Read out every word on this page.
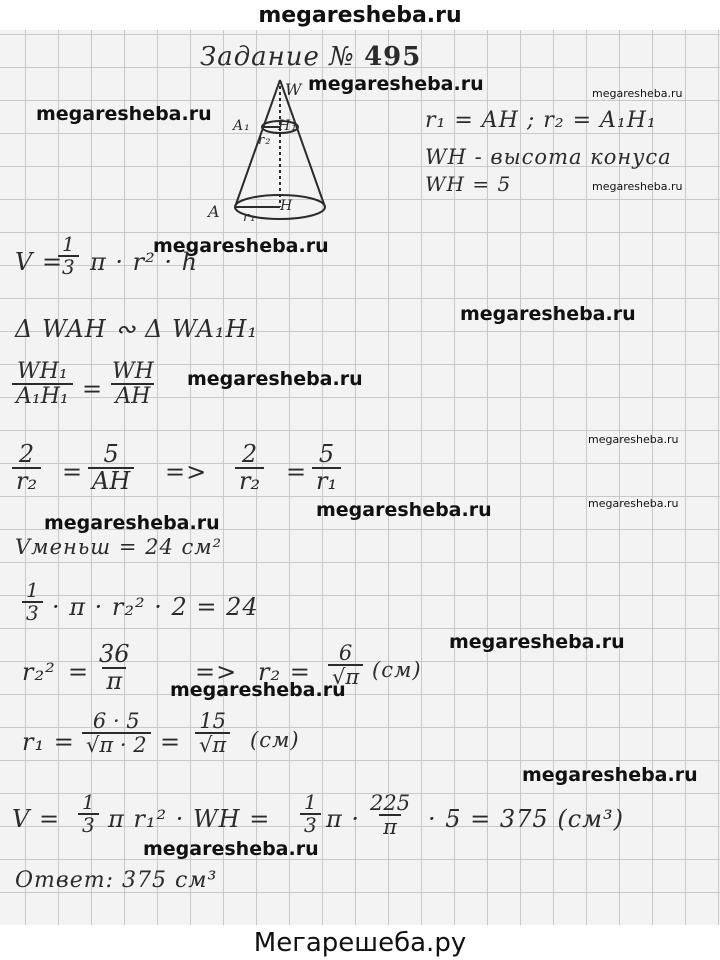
megaresheba.ru
Задание № 495
W
A₁ H₁
r₂
A r₁
H
r₁ = AH ; r₂ = A₁H₁
WH - высота конуса
WH = 5
V =
$\frac{1}{3}$ π · r² · h
Δ WAH ∾ Δ WA₁H₁
$\frac{\text{WH₁}}{\text{A₁H₁}} = \frac{WH}{AH}$
$\frac{2}{\text{r₂}} = \frac{5}{AH} => \frac{2}{\text{r₂}} = \frac{5}{\text{r₁}}$
Vменьш = 24 см²
$\frac{1}{3} \cdot \pi \cdot r_2^2 \cdot 2 = 24$
$r_2^2 = \frac{36}{\pi}$	=> $r_2 = \frac{6}{√\pi} (см)$
$r_1 = \frac{6 \cdot 5}{√\pi \cdot 2} = \frac{15}{√\pi} (см)$
$V = \frac{1}{3}$ π r₁² · WH = $\frac{1}{3}$ $\pi \cdot \frac{225}{\pi} \cdot 5 = 375$ (см³)
Ответ: 375 см³
megaresheba.ru
megaresheba.ru
megaresheba.ru
megaresheba.ru
megaresheba.ru
megaresheba.ru
megaresheba.ru
megaresheba.ru
megaresheba.ru
megaresheba.ru
megaresheba.ru
megaresheba.ru
megaresheba.ru
megaresheba.ru
megaresheba.ru
Мегарешеба.ру
